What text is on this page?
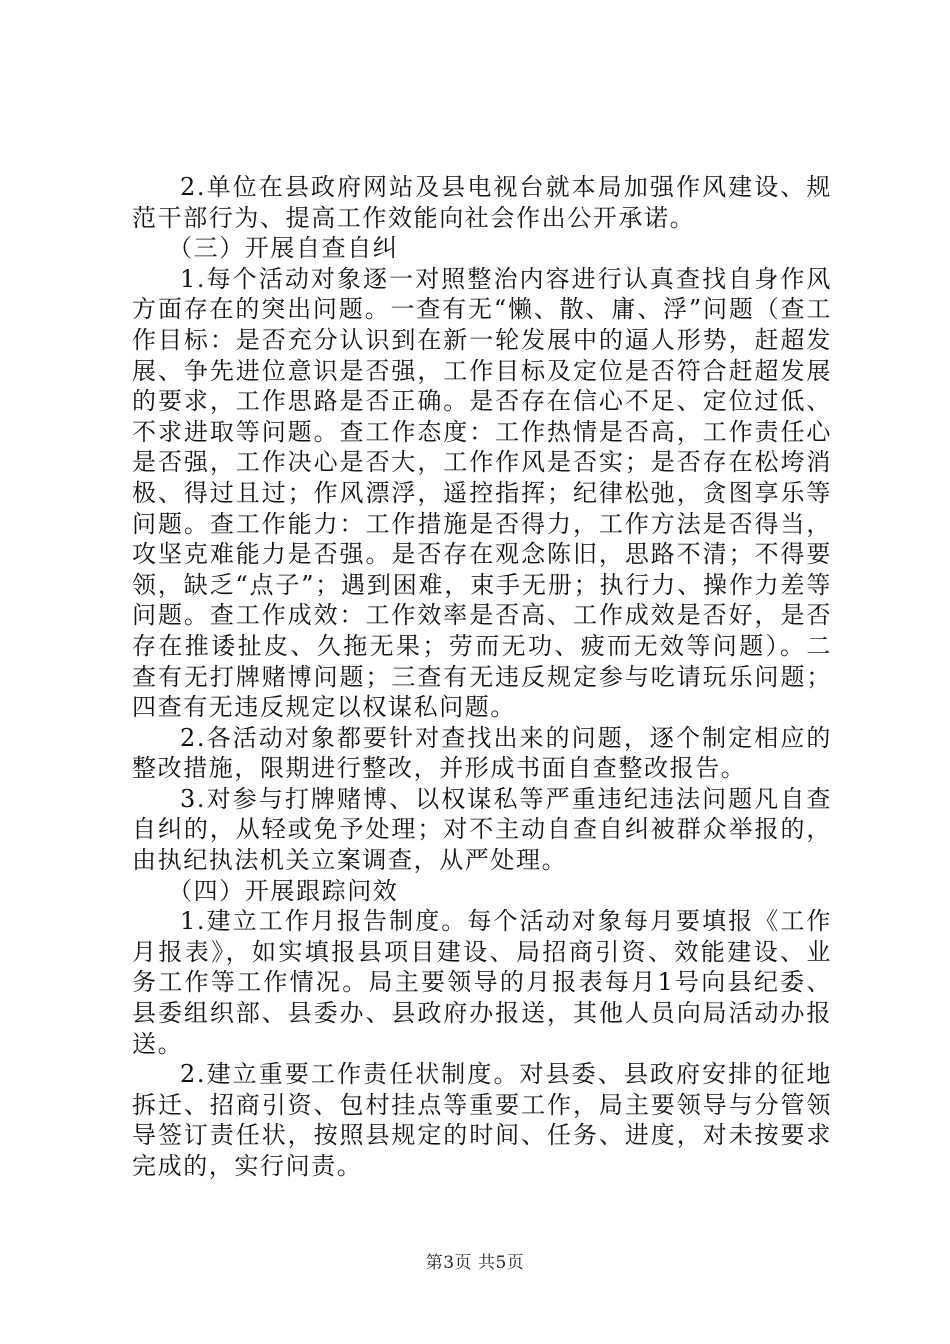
2.单位在县政府网站及县电视台就本局加强作风建设、规范干部行为、提高工作效能向社会作出公开承诺。

（三）开展自查自纠

1.每个活动对象逐一对照整治内容进行认真查找自身作风方面存在的突出问题。一查有无“懒、散、庸、浮”问题（查工作目标：是否充分认识到在新一轮发展中的逼人形势，赶超发展、争先进位意识是否强，工作目标及定位是否符合赶超发展的要求，工作思路是否正确。是否存在信心不足、定位过低、不求进取等问题。查工作态度：工作热情是否高，工作责任心是否强，工作决心是否大，工作作风是否实；是否存在松垮消极、得过且过；作风漂浮，遥控指挥；纪律松弛，贪图享乐等问题。查工作能力：工作措施是否得力，工作方法是否得当，攻坚克难能力是否强。是否存在观念陈旧，思路不清；不得要领，缺乏“点子”；遇到困难，束手无册；执行力、操作力差等问题。查工作成效：工作效率是否高、工作成效是否好，是否存在推诿扯皮、久拖无果；劳而无功、疲而无效等问题）。二查有无打牌赌博问题；三查有无违反规定参与吃请玩乐问题；四查有无违反规定以权谋私问题。

2.各活动对象都要针对查找出来的问题，逐个制定相应的整改措施，限期进行整改，并形成书面自查整改报告。

3.对参与打牌赌博、以权谋私等严重违纪违法问题凡自查自纠的，从轻或免予处理；对不主动自查自纠被群众举报的，由执纪执法机关立案调查，从严处理。

（四）开展跟踪问效

1.建立工作月报告制度。每个活动对象每月要填报《工作月报表》，如实填报县项目建设、局招商引资、效能建设、业务工作等工作情况。局主要领导的月报表每月1号向县纪委、县委组织部、县委办、县政府办报送，其他人员向局活动办报送。

2.建立重要工作责任状制度。对县委、县政府安排的征地拆迁、招商引资、包村挂点等重要工作，局主要领导与分管领导签订责任状，按照县规定的时间、任务、进度，对未按要求完成的，实行问责。

第3页 共5页
